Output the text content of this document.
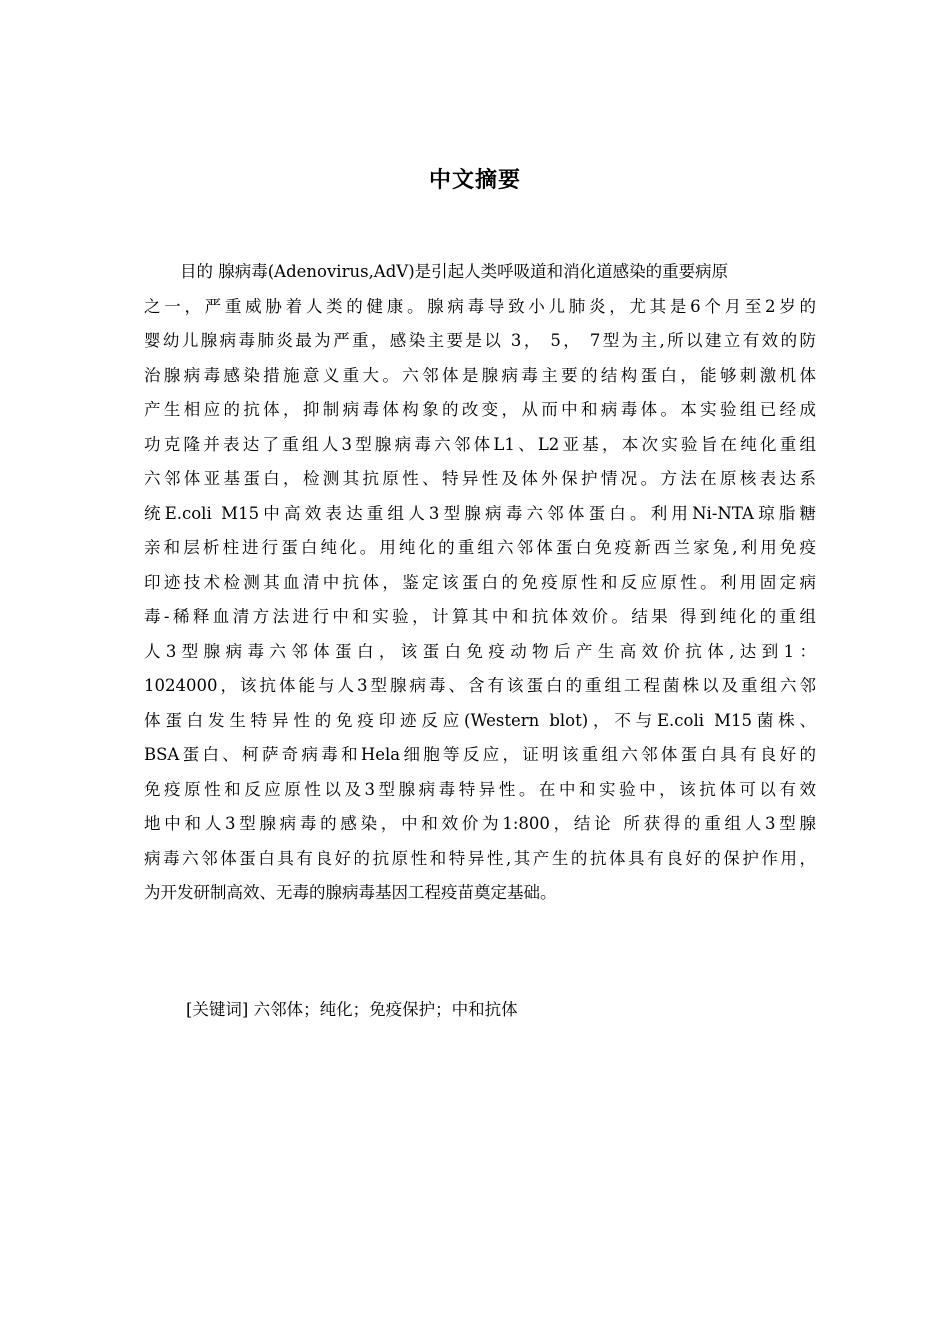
中文摘要
目的 腺病毒(Adenovirus,AdV)是引起人类呼吸道和消化道感染的重要病原
之一，严重威胁着人类的健康。腺病毒导致小儿肺炎，尤其是6个月至2岁的
婴幼儿腺病毒肺炎最为严重，感染主要是以 3， 5， 7型为主,所以建立有效的防
治腺病毒感染措施意义重大。六邻体是腺病毒主要的结构蛋白，能够刺激机体
产生相应的抗体，抑制病毒体构象的改变，从而中和病毒体。本实验组已经成
功克隆并表达了重组人3型腺病毒六邻体L1、L2亚基，本次实验旨在纯化重组
六邻体亚基蛋白，检测其抗原性、特异性及体外保护情况。方法在原核表达系
统E.coli M15中高效表达重组人3型腺病毒六邻体蛋白。利用Ni-NTA琼脂糖
亲和层析柱进行蛋白纯化。用纯化的重组六邻体蛋白免疫新西兰家兔,利用免疫
印迹技术检测其血清中抗体，鉴定该蛋白的免疫原性和反应原性。利用固定病
毒-稀释血清方法进行中和实验，计算其中和抗体效价。结果 得到纯化的重组
人3型腺病毒六邻体蛋白，该蛋白免疫动物后产生高效价抗体,达到1：
1024000，该抗体能与人3型腺病毒、含有该蛋白的重组工程菌株以及重组六邻
体蛋白发生特异性的免疫印迹反应(Western blot)，不与E.coli M15菌株、
BSA蛋白、柯萨奇病毒和Hela细胞等反应，证明该重组六邻体蛋白具有良好的
免疫原性和反应原性以及3型腺病毒特异性。在中和实验中，该抗体可以有效
地中和人3型腺病毒的感染，中和效价为1:800，结论 所获得的重组人3型腺
病毒六邻体蛋白具有良好的抗原性和特异性,其产生的抗体具有良好的保护作用，
为开发研制高效、无毒的腺病毒基因工程疫苗奠定基础。
[关键词] 六邻体；纯化；免疫保护；中和抗体
